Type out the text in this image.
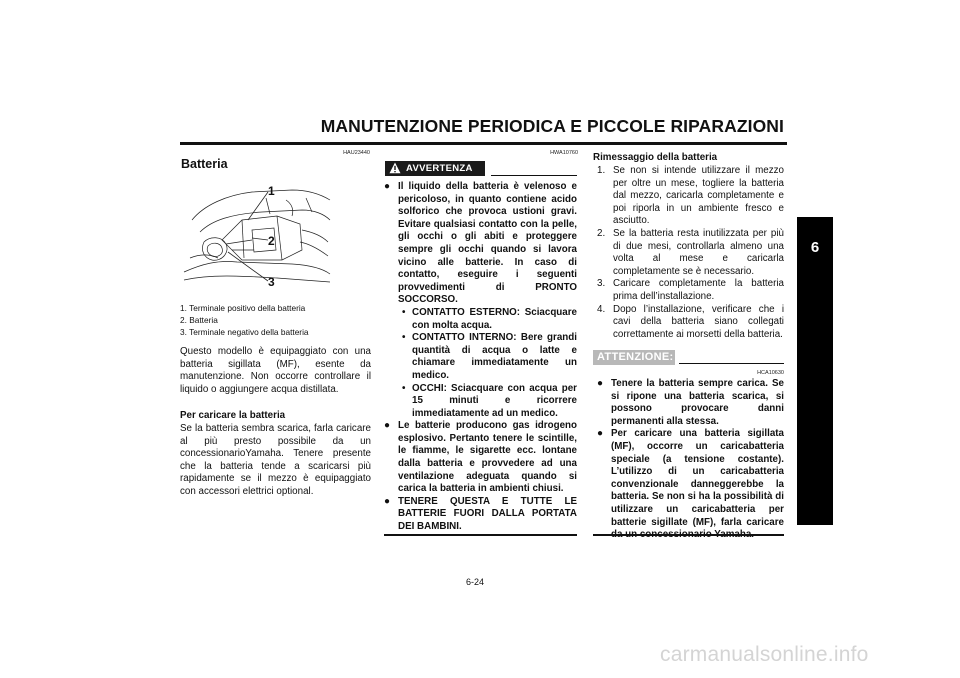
MANUTENZIONE PERIODICA E PICCOLE RIPARAZIONI
6
HAU23440
Batteria
1
2
3
1. Terminale positivo della batteria
2. Batteria
3. Terminale negativo della batteria
Questo modello è equipaggiato con una batteria sigillata (MF), esente da manutenzione. Non occorre controllare il liquido o aggiungere acqua distillata.
Per caricare la batteria
Se la batteria sembra scarica, farla caricare al più presto possibile da un concessionarioYamaha. Tenere presente che la batteria tende a scaricarsi più rapidamente se il mezzo è equipaggiato con accessori elettrici optional.
HWA10760
AVVERTENZA
● Il liquido della batteria è velenoso e pericoloso, in quanto contiene acido solforico che provoca ustioni gravi. Evitare qualsiasi contatto con la pelle, gli occhi o gli abiti e proteggere sempre gli occhi quando si lavora vicino alle batterie. In caso di contatto, eseguire i seguenti provvedimenti di PRONTO SOCCORSO.
• CONTATTO ESTERNO: Sciacquare con molta acqua.
• CONTATTO INTERNO: Bere grandi quantità di acqua o latte e chiamare immediatamente un medico.
• OCCHI: Sciacquare con acqua per 15 minuti e ricorrere immediatamente ad un medico.
● Le batterie producono gas idrogeno esplosivo. Pertanto tenere le scintille, le fiamme, le sigarette ecc. lontane dalla batteria e provvedere ad una ventilazione adeguata quando si carica la batteria in ambienti chiusi.
● TENERE QUESTA E TUTTE LE BATTERIE FUORI DALLA PORTATA DEI BAMBINI.
Rimessaggio della batteria
1. Se non si intende utilizzare il mezzo per oltre un mese, togliere la batteria dal mezzo, caricarla completamente e poi riporla in un ambiente fresco e asciutto.
2. Se la batteria resta inutilizzata per più di due mesi, controllarla almeno una volta al mese e caricarla completamente se è necessario.
3. Caricare completamente la batteria prima dell’installazione.
4. Dopo l’installazione, verificare che i cavi della batteria siano collegati correttamente ai morsetti della batteria.
ATTENZIONE:
HCA10630
● Tenere la batteria sempre carica. Se si ripone una batteria scarica, si possono provocare danni permanenti alla stessa.
● Per caricare una batteria sigillata (MF), occorre un caricabatteria speciale (a tensione costante). L’utilizzo di un caricabatteria convenzionale danneggerebbe la batteria. Se non si ha la possibilità di utilizzare un caricabatteria per batterie sigillate (MF), farla caricare
6-24
carmanualsonline.info
